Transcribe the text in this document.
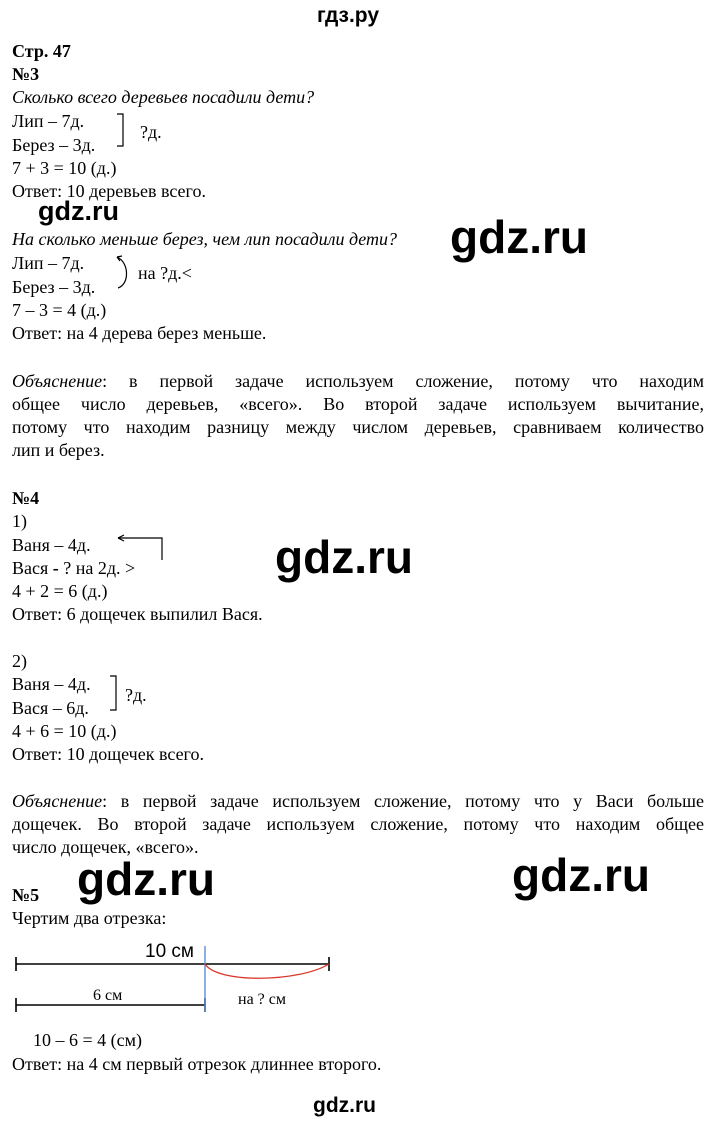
гдз.ру
Стр. 47
№3
Сколько всего деревьев посадили дети?
Лип – 7д.
Берез – 3д.
?д.
7 + 3 = 10 (д.)
Ответ: 10 деревьев всего.
На сколько меньше берез, чем лип посадили дети?
Лип – 7д.
Берез – 3д.
на ?д.<
7 – 3 = 4 (д.)
Ответ: на 4 дерева берез меньше.
Объяснение: в первой задаче используем сложение, потому что находим
общее число деревьев, «всего». Во второй задаче используем вычитание,
потому что находим разницу между числом деревьев, сравниваем количество
лип и берез.
№4
1)
Ваня – 4д.
Вася - ? на 2д. >
4 + 2 = 6 (д.)
Ответ: 6 дощечек выпилил Вася.
2)
Ваня – 4д.
Вася – 6д.
?д.
4 + 6 = 10 (д.)
Ответ: 10 дощечек всего.
Объяснение: в первой задаче используем сложение, потому что у Васи больше
дощечек. Во второй задаче используем сложение, потому что находим общее
число дощечек, «всего».
№5
Чертим два отрезка:
10 см
6 см	на ? см
10 – 6 = 4 (см)
Ответ: на 4 см первый отрезок длиннее второго.
gdz.ru	gdz.ru
gdz.ru
gdz.ru	gdz.ru
gdz.ru
